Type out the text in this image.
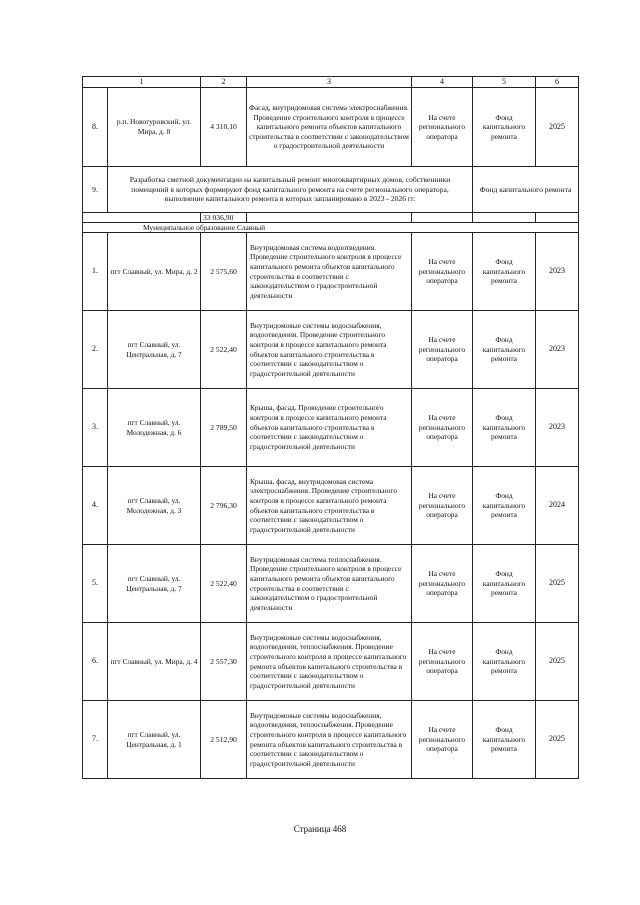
1		2	3	4	5	6
8.	р.п. Новогуровский, ул. Мира, д. 8	4 310,10	Фасад, внутридомовая система электроснабжения. Проведение строительного контроля в процессе капитального ремонта объектов капитального строительства в соответствии с законодательством о градостроительной деятельности	На счете регионального оператора	Фонд капитального ремонта	2025
9.	Разработка сметной документации на капитальный ремонт многоквартирных домов, собственники помещений в которых формируют фонд капитального ремонта на счете регионального оператора, выполнение капитального ремонта в которых запланировано в 2023 - 2026 гг.				Фонд капитального ремонта	
		33 036,90				
Муниципальное образование Славный						
1.	пгт Славный, ул. Мира, д. 2	2 575,60	Внутридомовая система водоотведения. Проведение строительного контроля в процессе капитального ремонта объектов капитального строительства в соответствии с законодательством о градостроительной деятельности	На счете регионального оператора	Фонд капитального ремонта	2023
2.	пгт Славный, ул. Центральная, д. 7	2 522,40	Внутридомовые системы водоснабжения, водоотведения. Проведение строительного контроля в процессе капитального ремонта объектов капитального строительства в соответствии с законодательством о градостроительной деятельности	На счете регионального оператора	Фонд капитального ремонта	2023
3.	пгт Славный, ул. Молодежная, д. 6	2 789,50	Крыша, фасад. Проведение строительного контроля в процессе капитального ремонта объектов капитального строительства в соответствии с законодательством о градостроительной деятельности	На счете регионального оператора	Фонд капитального ремонта	2023
4.	пгт Славный, ул. Молодежная, д. 3	2 796,30	Крыша, фасад, внутридомовая система электроснабжения. Проведение строительного контроля в процессе капитального ремонта объектов капитального строительства в соответствии с законодательством о градостроительной деятельности	На счете регионального оператора	Фонд капитального ремонта	2024
5.	пгт Славный, ул. Центральная, д. 7	2 522,40	Внутридомовая система теплоснабжения. Проведение строительного контроля в процессе капитального ремонта объектов капитального строительства в соответствии с законодательством о градостроительной деятельности	На счете регионального оператора	Фонд капитального ремонта	2025
6.	пгт Славный, ул. Мира, д. 4	2 557,30	Внутридомовые системы водоснабжения, водоотведения, теплоснабжения. Проведение строительного контроля в процессе капитального ремонта объектов капитального строительства в соответствии с законодательством о градостроительной деятельности	На счете регионального оператора	Фонд капитального ремонта	2025
7.	пгт Славный, ул. Центральная, д. 1	2 512,90	Внутридомовые системы водоснабжения, водоотведения, теплоснабжения. Проведение строительного контроля в процессе капитального ремонта объектов капитального строительства в соответствии с законодательством о градостроительной деятельности	На счете регионального оператора	Фонд капитального ремонта	2025
Страница 468
